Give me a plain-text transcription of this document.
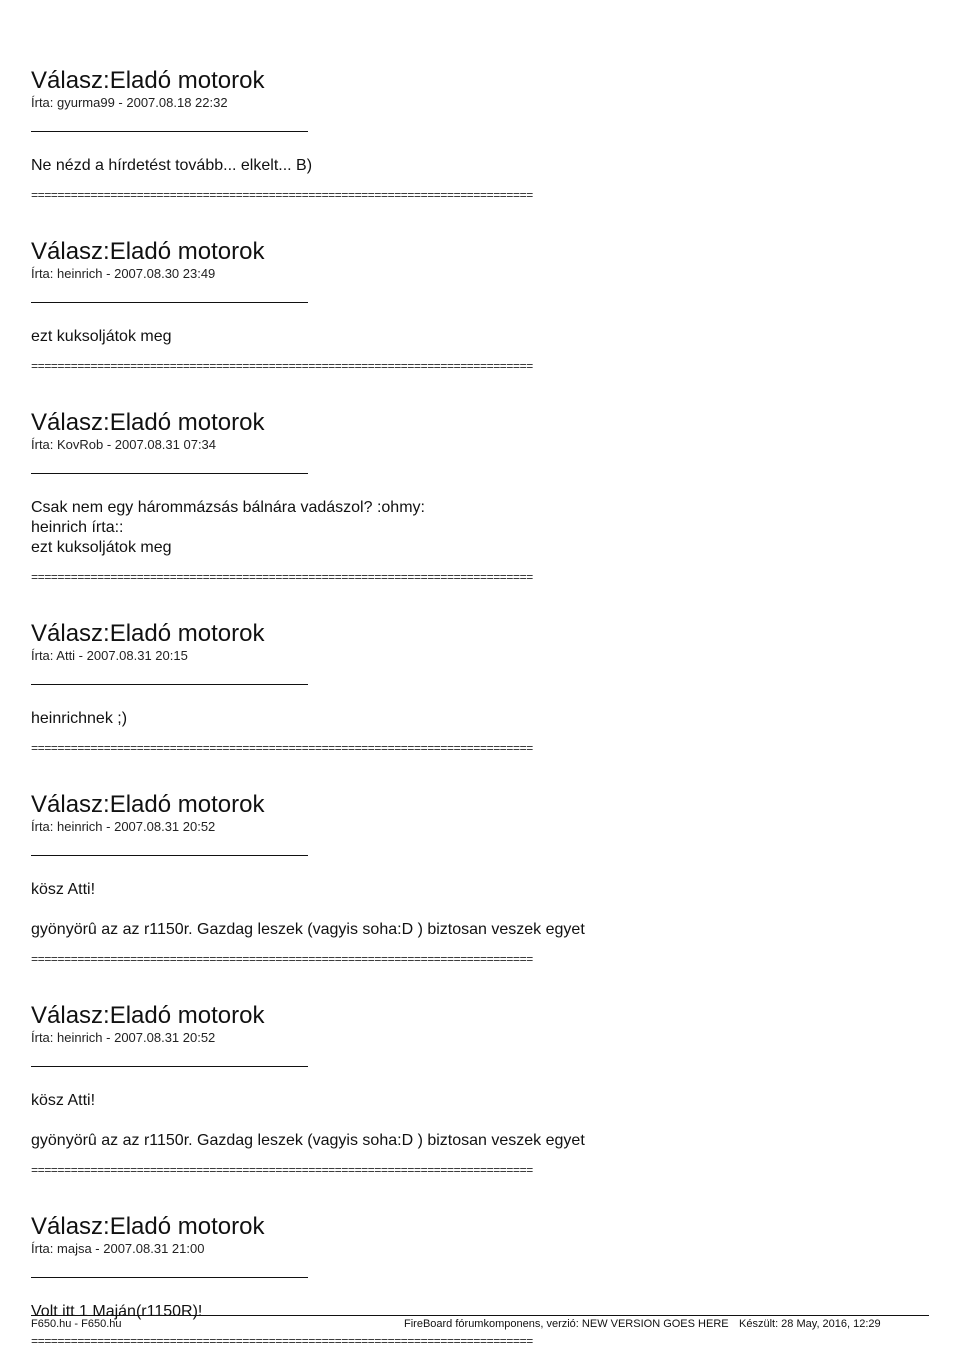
Válasz:Eladó motorok
Írta: gyurma99 - 2007.08.18 22:32
Ne nézd a hírdetést tovább... elkelt... B)
============================================================================
Válasz:Eladó motorok
Írta: heinrich - 2007.08.30 23:49
ezt kuksoljátok meg
============================================================================
Válasz:Eladó motorok
Írta: KovRob - 2007.08.31 07:34
Csak nem egy hárommázsás bálnára vadászol? :ohmy:
heinrich írta::
ezt kuksoljátok meg
============================================================================
Válasz:Eladó motorok
Írta: Atti - 2007.08.31 20:15
heinrichnek ;)
============================================================================
Válasz:Eladó motorok
Írta: heinrich - 2007.08.31 20:52
kösz Atti!
gyönyörû az az r1150r. Gazdag leszek (vagyis soha:D ) biztosan veszek egyet
============================================================================
Válasz:Eladó motorok
Írta: heinrich - 2007.08.31 20:52
kösz Atti!
gyönyörû az az r1150r. Gazdag leszek (vagyis soha:D ) biztosan veszek egyet
============================================================================
Válasz:Eladó motorok
Írta: majsa - 2007.08.31 21:00
Volt itt 1 Maján(r1150R)!
============================================================================
F650.hu - F650.hu	FireBoard fórumkomponens, verzió: NEW VERSION GOES HERE Készült: 28 May, 2016, 12:29
